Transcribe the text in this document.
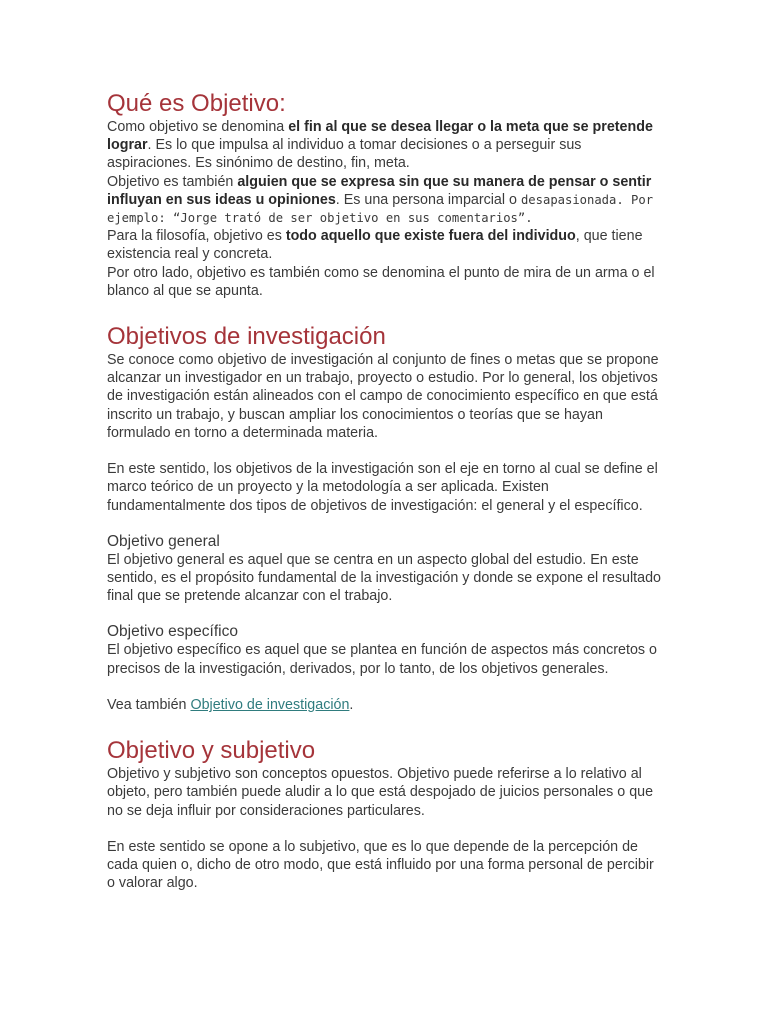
Qué es Objetivo:

Como objetivo se denomina el fin al que se desea llegar o la meta que se pretende lograr. Es lo que impulsa al individuo a tomar decisiones o a perseguir sus aspiraciones. Es sinónimo de destino, fin, meta.

Objetivo es también alguien que se expresa sin que su manera de pensar o sentir influyan en sus ideas u opiniones. Es una persona imparcial o desapasionada. Por ejemplo: “Jorge trató de ser objetivo en sus comentarios”.

Para la filosofía, objetivo es todo aquello que existe fuera del individuo, que tiene existencia real y concreta.

Por otro lado, objetivo es también como se denomina el punto de mira de un arma o el blanco al que se apunta.

Objetivos de investigación

Se conoce como objetivo de investigación al conjunto de fines o metas que se propone alcanzar un investigador en un trabajo, proyecto o estudio. Por lo general, los objetivos de investigación están alineados con el campo de conocimiento específico en que está inscrito un trabajo, y buscan ampliar los conocimientos o teorías que se hayan formulado en torno a determinada materia.

En este sentido, los objetivos de la investigación son el eje en torno al cual se define el marco teórico de un proyecto y la metodología a ser aplicada. Existen fundamentalmente dos tipos de objetivos de investigación: el general y el específico.

Objetivo general

El objetivo general es aquel que se centra en un aspecto global del estudio. En este sentido, es el propósito fundamental de la investigación y donde se expone el resultado final que se pretende alcanzar con el trabajo.

Objetivo específico

El objetivo específico es aquel que se plantea en función de aspectos más concretos o precisos de la investigación, derivados, por lo tanto, de los objetivos generales.

Vea también Objetivo de investigación.

Objetivo y subjetivo

Objetivo y subjetivo son conceptos opuestos. Objetivo puede referirse a lo relativo al objeto, pero también puede aludir a lo que está despojado de juicios personales o que no se deja influir por consideraciones particulares.

En este sentido se opone a lo subjetivo, que es lo que depende de la percepción de cada quien o, dicho de otro modo, que está influido por una forma personal de percibir o valorar algo.
